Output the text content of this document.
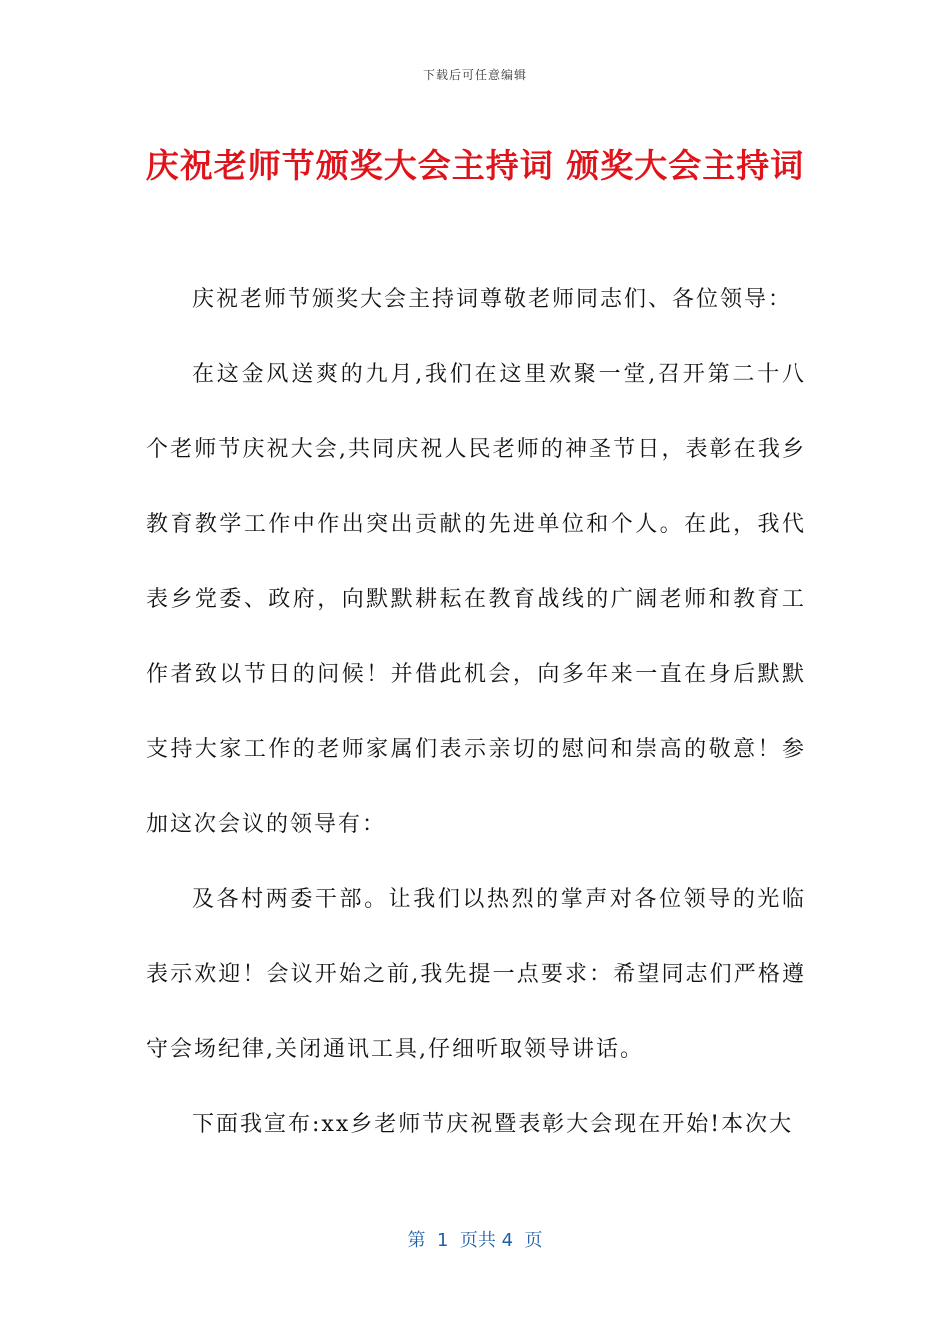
下载后可任意编辑
庆祝老师节颁奖大会主持词 颁奖大会主持词

庆祝老师节颁奖大会主持词尊敬老师同志们、各位领导：

在这金风送爽的九月,我们在这里欢聚一堂,召开第二十八个老师节庆祝大会,共同庆祝人民老师的神圣节日，表彰在我乡教育教学工作中作出突出贡献的先进单位和个人。在此，我代表乡党委、政府，向默默耕耘在教育战线的广阔老师和教育工作者致以节日的问候！并借此机会，向多年来一直在身后默默支持大家工作的老师家属们表示亲切的慰问和崇高的敬意！参加这次会议的领导有：

及各村两委干部。让我们以热烈的掌声对各位领导的光临表示欢迎！会议开始之前,我先提一点要求：希望同志们严格遵守会场纪律,关闭通讯工具,仔细听取领导讲话。

下面我宣布:xx乡老师节庆祝暨表彰大会现在开始!本次大

第  1  页共 4  页
